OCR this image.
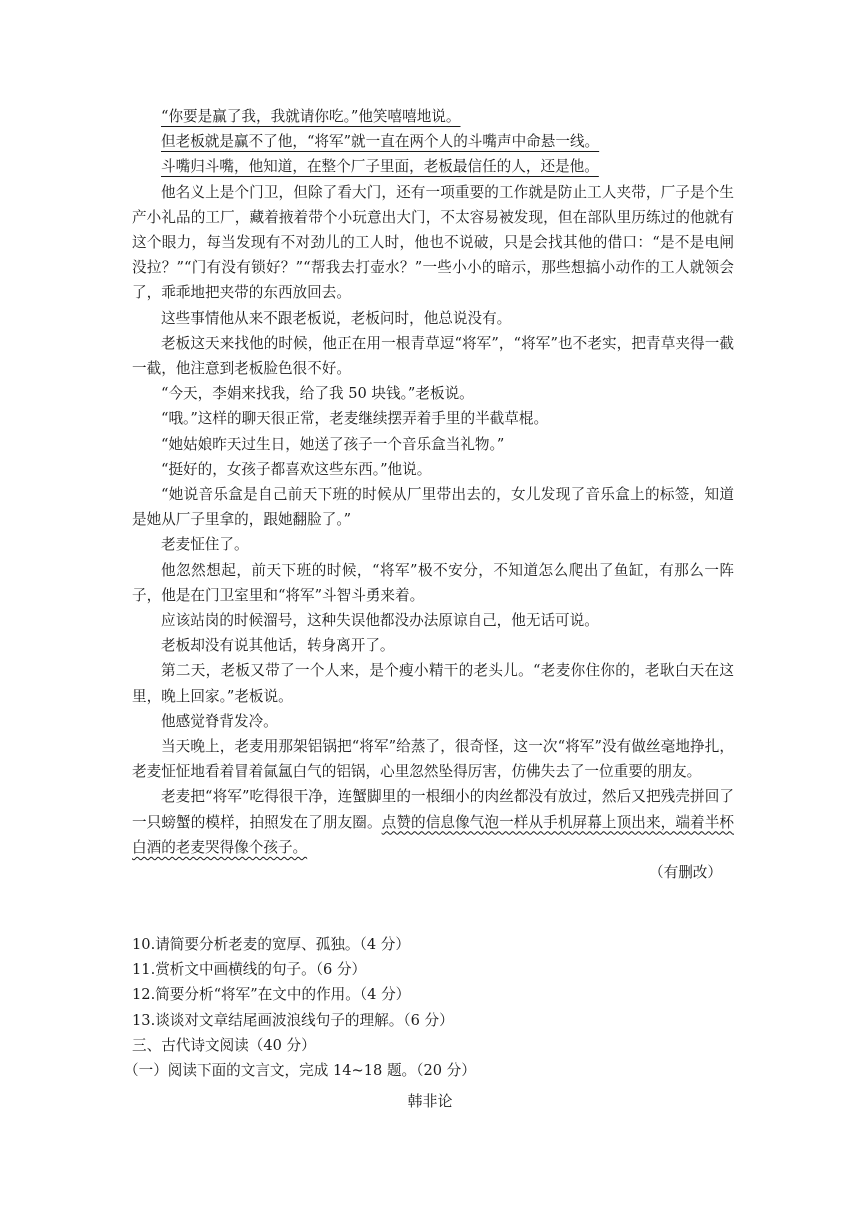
“你要是赢了我，我就请你吃。”他笑嘻嘻地说。

但老板就是赢不了他，“将军”就一直在两个人的斗嘴声中命悬一线。

斗嘴归斗嘴，他知道，在整个厂子里面，老板最信任的人，还是他。

他名义上是个门卫，但除了看大门，还有一项重要的工作就是防止工人夹带，厂子是个生产小礼品的工厂，藏着掖着带个小玩意出大门，不太容易被发现，但在部队里历练过的他就有这个眼力，每当发现有不对劲儿的工人时，他也不说破，只是会找其他的借口：“是不是电闸没拉？”“门有没有锁好？”“帮我去打壶水？”一些小小的暗示，那些想搞小动作的工人就领会了，乖乖地把夹带的东西放回去。

这些事情他从来不跟老板说，老板问时，他总说没有。

老板这天来找他的时候，他正在用一根青草逗“将军”，“将军”也不老实，把青草夹得一截一截，他注意到老板脸色很不好。

“今天，李娟来找我，给了我 50 块钱。”老板说。

“哦。”这样的聊天很正常，老麦继续摆弄着手里的半截草棍。

“她姑娘昨天过生日，她送了孩子一个音乐盒当礼物。”

“挺好的，女孩子都喜欢这些东西。”他说。

“她说音乐盒是自己前天下班的时候从厂里带出去的，女儿发现了音乐盒上的标签，知道是她从厂子里拿的，跟她翻脸了。”

老麦怔住了。

他忽然想起，前天下班的时候，“将军”极不安分，不知道怎么爬出了鱼缸，有那么一阵子，他是在门卫室里和“将军”斗智斗勇来着。

应该站岗的时候溜号，这种失误他都没办法原谅自己，他无话可说。

老板却没有说其他话，转身离开了。

第二天，老板又带了一个人来，是个瘦小精干的老头儿。“老麦你住你的，老耿白天在这里，晚上回家。”老板说。

他感觉脊背发冷。

当天晚上，老麦用那架铝锅把“将军”给蒸了，很奇怪，这一次“将军”没有做丝毫地挣扎，老麦怔怔地看着冒着氤氲白气的铝锅，心里忽然坠得厉害，仿佛失去了一位重要的朋友。

老麦把“将军”吃得很干净，连蟹脚里的一根细小的肉丝都没有放过，然后又把残壳拼回了一只螃蟹的模样，拍照发在了朋友圈。点赞的信息像气泡一样从手机屏幕上顶出来，端着半杯白酒的老麦哭得像个孩子。

（有删改）

10.请简要分析老麦的宽厚、孤独。（4 分）

11.赏析文中画横线的句子。（6 分）

12.简要分析“将军”在文中的作用。（4 分）

13.谈谈对文章结尾画波浪线句子的理解。（6 分）

三、古代诗文阅读（40 分）

（一）阅读下面的文言文，完成 14~18 题。（20 分）

韩非论
